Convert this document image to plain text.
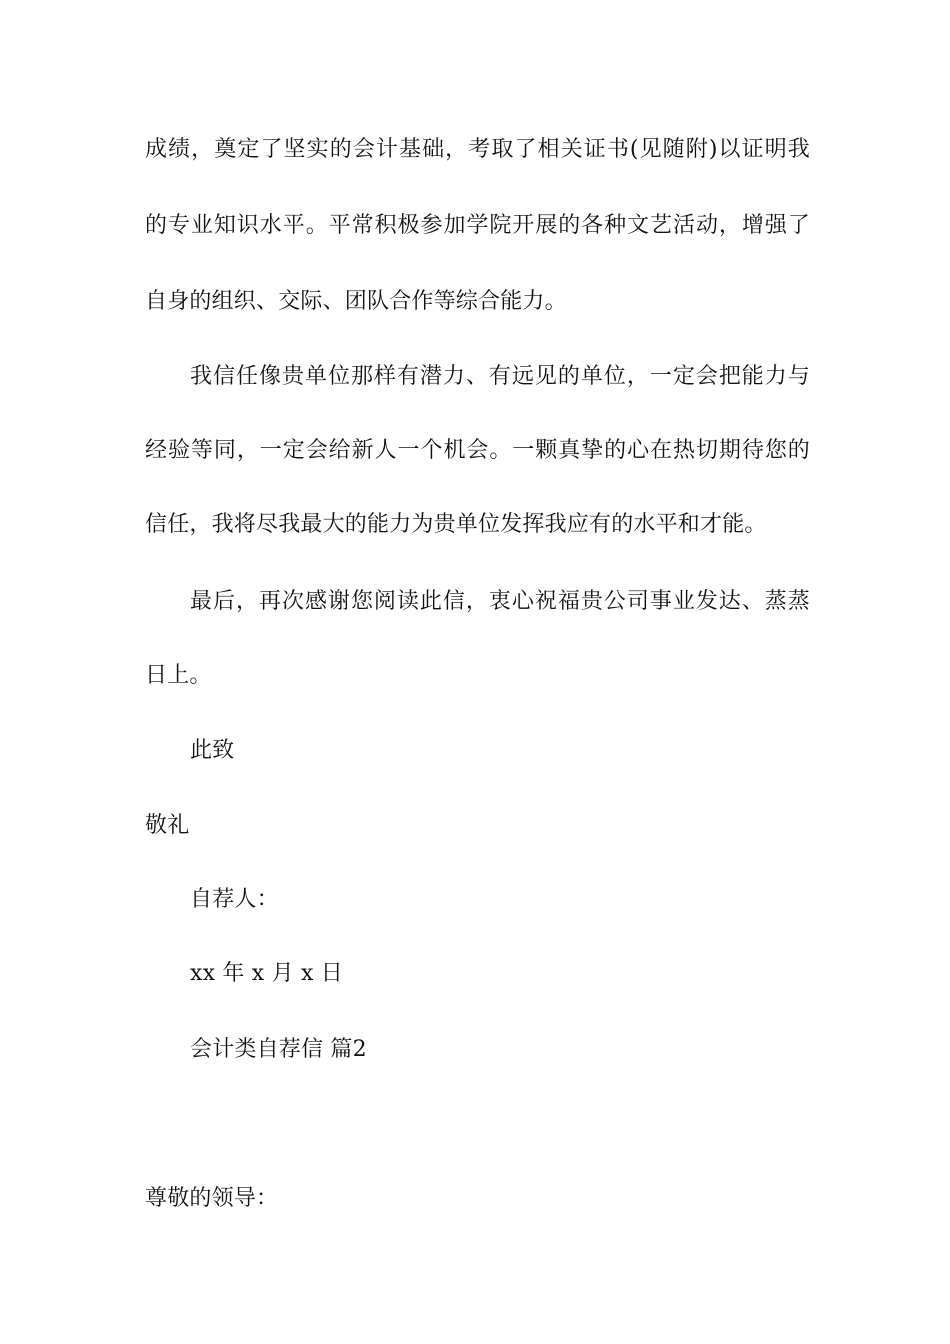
成绩，奠定了坚实的会计基础，考取了相关证书(见随附)以证明我
的专业知识水平。平常积极参加学院开展的各种文艺活动，增强了
自身的组织、交际、团队合作等综合能力。
我信任像贵单位那样有潜力、有远见的单位，一定会把能力与
经验等同，一定会给新人一个机会。一颗真挚的心在热切期待您的
信任，我将尽我最大的能力为贵单位发挥我应有的水平和才能。
最后，再次感谢您阅读此信，衷心祝福贵公司事业发达、蒸蒸
日上。
此致
敬礼
自荐人：
xx 年 x 月 x 日
会计类自荐信 篇2
尊敬的领导：
